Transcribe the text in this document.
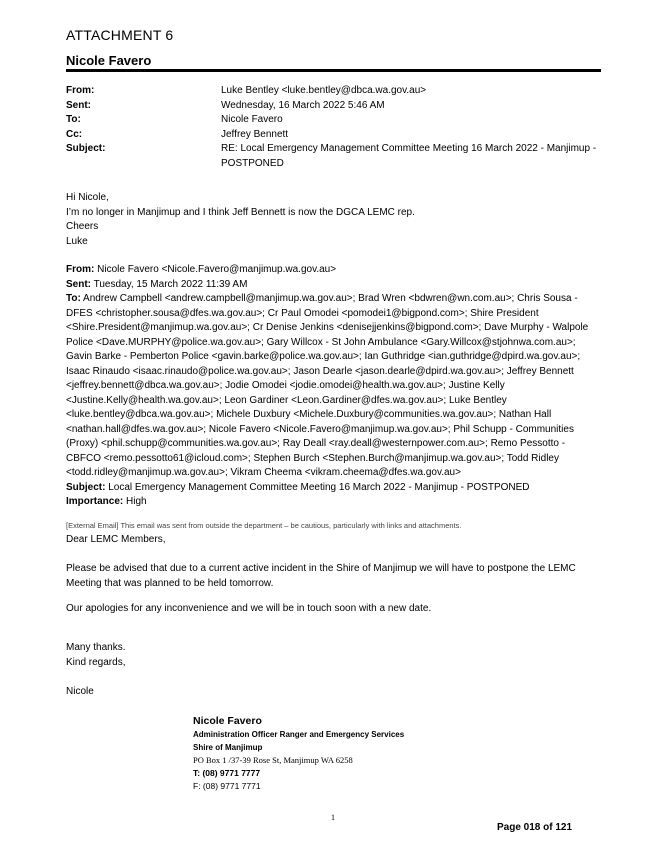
ATTACHMENT 6
Nicole Favero
From:	Luke Bentley <luke.bentley@dbca.wa.gov.au>
Sent:	Wednesday, 16 March 2022 5:46 AM
To:	Nicole Favero
Cc:	Jeffrey Bennett
Subject:	RE: Local Emergency Management Committee Meeting 16 March 2022 - Manjimup - POSTPONED

Hi Nicole,

I’m no longer in Manjimup and I think Jeff Bennett is now the DGCA LEMC rep.

Cheers

Luke

From: Nicole Favero <Nicole.Favero@manjimup.wa.gov.au>

Sent: Tuesday, 15 March 2022 11:39 AM

To: Andrew Campbell <andrew.campbell@manjimup.wa.gov.au>; Brad Wren <bdwren@wn.com.au>; Chris Sousa - DFES <christopher.sousa@dfes.wa.gov.au>; Cr Paul Omodei <pomodei1@bigpond.com>; Shire President <Shire.President@manjimup.wa.gov.au>; Cr Denise Jenkins <denisejjenkins@bigpond.com>; Dave Murphy - Walpole Police <Dave.MURPHY@police.wa.gov.au>; Gary Willcox - St John Ambulance <Gary.Willcox@stjohnwa.com.au>; Gavin Barke - Pemberton Police <gavin.barke@police.wa.gov.au>; Ian Guthridge <ian.guthridge@dpird.wa.gov.au>; Isaac Rinaudo <isaac.rinaudo@police.wa.gov.au>; Jason Dearle <jason.dearle@dpird.wa.gov.au>; Jeffrey Bennett <jeffrey.bennett@dbca.wa.gov.au>; Jodie Omodei <jodie.omodei@health.wa.gov.au>; Justine Kelly <Justine.Kelly@health.wa.gov.au>; Leon Gardiner <Leon.Gardiner@dfes.wa.gov.au>; Luke Bentley <luke.bentley@dbca.wa.gov.au>; Michele Duxbury <Michele.Duxbury@communities.wa.gov.au>; Nathan Hall <nathan.hall@dfes.wa.gov.au>; Nicole Favero <Nicole.Favero@manjimup.wa.gov.au>; Phil Schupp - Communities (Proxy) <phil.schupp@communities.wa.gov.au>; Ray Deall <ray.deall@westernpower.com.au>; Remo Pessotto - CBFCO <remo.pessotto61@icloud.com>; Stephen Burch <Stephen.Burch@manjimup.wa.gov.au>; Todd Ridley <todd.ridley@manjimup.wa.gov.au>; Vikram Cheema <vikram.cheema@dfes.wa.gov.au>

Subject: Local Emergency Management Committee Meeting 16 March 2022 - Manjimup - POSTPONED

Importance: High

[External Email] This email was sent from outside the department – be cautious, particularly with links and attachments.
Dear LEMC Members,
Please be advised that due to a current active incident in the Shire of Manjimup we will have to postpone the LEMC Meeting that was planned to be held tomorrow.
Our apologies for any inconvenience and we will be in touch soon with a new date.

Many thanks.

Kind regards,

Nicole
Nicole Favero
Administration Officer Ranger and Emergency Services
Shire of Manjimup
PO Box 1 /37-39 Rose St, Manjimup WA 6258
T: (08) 9771 7777
F: (08) 9771 7771
1
Page 018 of 121
